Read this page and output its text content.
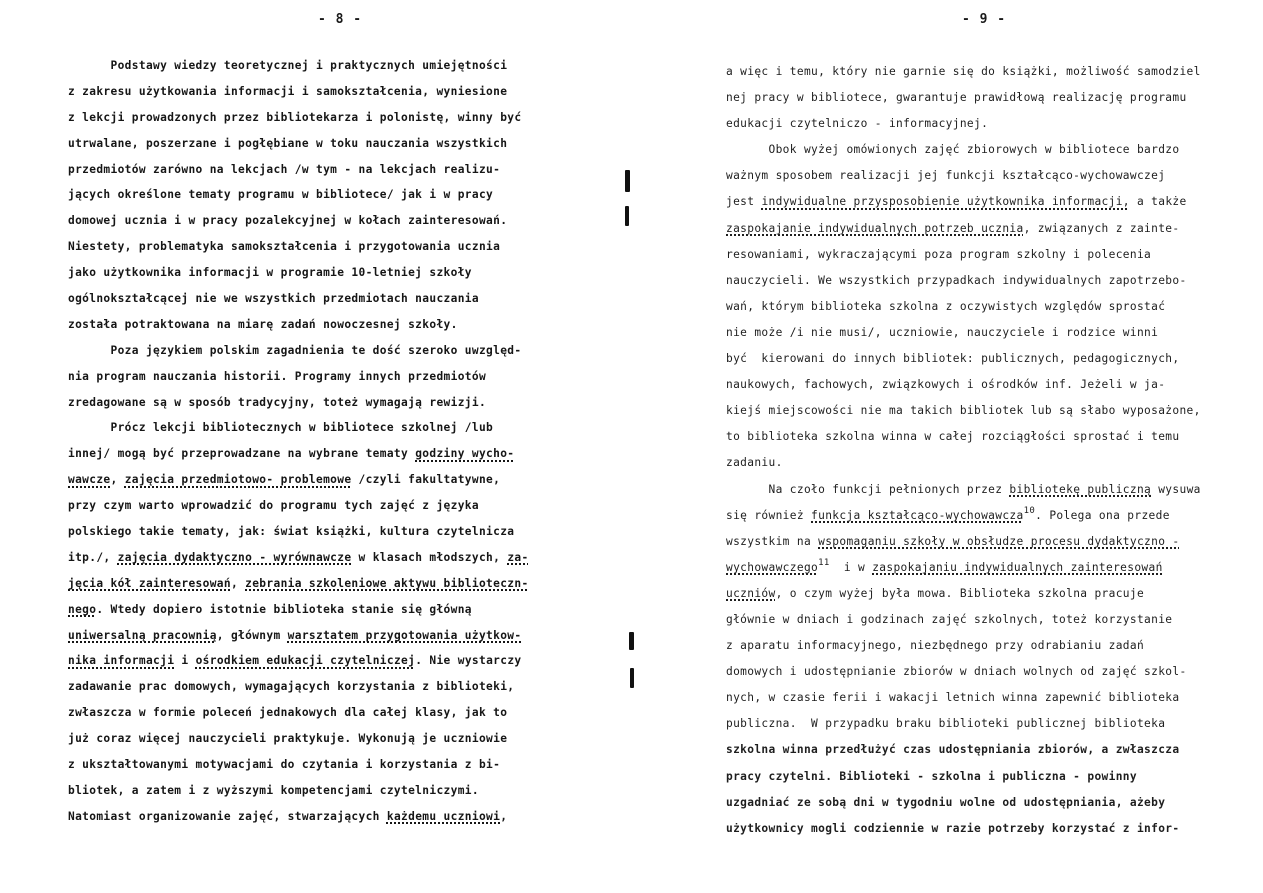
- 8 -
Podstawy wiedzy teoretycznej i praktycznych umiejętności
z zakresu użytkowania informacji i samokształcenia, wyniesione
z lekcji prowadzonych przez bibliotekarza i polonistę, winny być
utrwalane, poszerzane i pogłębiane w toku nauczania wszystkich
przedmiotów zarówno na lekcjach /w tym - na lekcjach realizu-
jących określone tematy programu w bibliotece/ jak i w pracy
domowej ucznia i w pracy pozalekcyjnej w kołach zainteresowań.
Niestety, problematyka samokształcenia i przygotowania ucznia
jako użytkownika informacji w programie 10-letniej szkoły
ogólnokształcącej nie we wszystkich przedmiotach nauczania
została potraktowana na miarę zadań nowoczesnej szkoły.
Poza językiem polskim zagadnienia te dość szeroko uwzględ-
nia program nauczania historii. Programy innych przedmiotów
zredagowane są w sposób tradycyjny, toteż wymagają rewizji.
Prócz lekcji bibliotecznych w bibliotece szkolnej /lub
innej/ mogą być przeprowadzane na wybrane tematy godziny wycho-
wawcze, zajęcia przedmiotowo- problemowe /czyli fakultatywne,
przy czym warto wprowadzić do programu tych zajęć z języka
polskiego takie tematy, jak: świat książki, kultura czytelnicza
itp./, zajęcia dydaktyczno - wyrównawcze w klasach młodszych, za-
jęcia kół zainteresowań, zebrania szkoleniowe aktywu biblioteczn-
nego. Wtedy dopiero istotnie biblioteka stanie się główną
uniwersalną pracownią, głównym warsztatem przygotowania użytkow-
nika informacji i ośrodkiem edukacji czytelniczej. Nie wystarczy
zadawanie prac domowych, wymagających korzystania z biblioteki,
zwłaszcza w formie poleceń jednakowych dla całej klasy, jak to
już coraz więcej nauczycieli praktykuje. Wykonują je uczniowie
z ukształtowanymi motywacjami do czytania i korzystania z bi-
bliotek, a zatem i z wyższymi kompetencjami czytelniczymi.
Natomiast organizowanie zajęć, stwarzających każdemu uczniowi,
- 9 -
a więc i temu, który nie garnie się do książki, możliwość samodziel
nej pracy w bibliotece, gwarantuje prawidłową realizację programu
edukacji czytelniczo - informacyjnej.
Obok wyżej omówionych zajęć zbiorowych w bibliotece bardzo
ważnym sposobem realizacji jej funkcji kształcąco-wychowawczej
jest indywidualne przysposobienie użytkownika informacji, a także
zaspokajanie indywidualnych potrzeb ucznia, związanych z zainte-
resowaniami, wykraczającymi poza program szkolny i polecenia
nauczycieli. We wszystkich przypadkach indywidualnych zapotrzebo-
wań, którym biblioteka szkolna z oczywistych względów sprostać
nie może /i nie musi/, uczniowie, nauczyciele i rodzice winni
być  kierowani do innych bibliotek: publicznych, pedagogicznych,
naukowych, fachowych, związkowych i ośrodków inf. Jeżeli w ja-
kiejś miejscowości nie ma takich bibliotek lub są słabo wyposażone,
to biblioteka szkolna winna w całej rozciągłości sprostać i temu
zadaniu.
Na czoło funkcji pełnionych przez bibliotekę publiczną wysuwa
się również funkcja kształcąco-wychowawcza$^{10}$. Polega ona przede
wszystkim na wspomaganiu szkoły w obsłudze procesu dydaktyczno -
wychowawczego$^{11}$  i w zaspokajaniu indywidualnych zainteresowań
uczniów, o czym wyżej była mowa. Biblioteka szkolna pracuje
głównie w dniach i godzinach zajęć szkolnych, toteż korzystanie
z aparatu informacyjnego, niezbędnego przy odrabianiu zadań
domowych i udostępnianie zbiorów w dniach wolnych od zajęć szkol-
nych, w czasie ferii i wakacji letnich winna zapewnić biblioteka
publiczna.  W przypadku braku biblioteki publicznej biblioteka
szkolna winna przedłużyć czas udostępniania zbiorów, a zwłaszcza
pracy czytelni. Biblioteki - szkolna i publiczna - powinny
uzgadniać ze sobą dni w tygodniu wolne od udostępniania, ażeby
użytkownicy mogli codziennie w razie potrzeby korzystać z infor-
